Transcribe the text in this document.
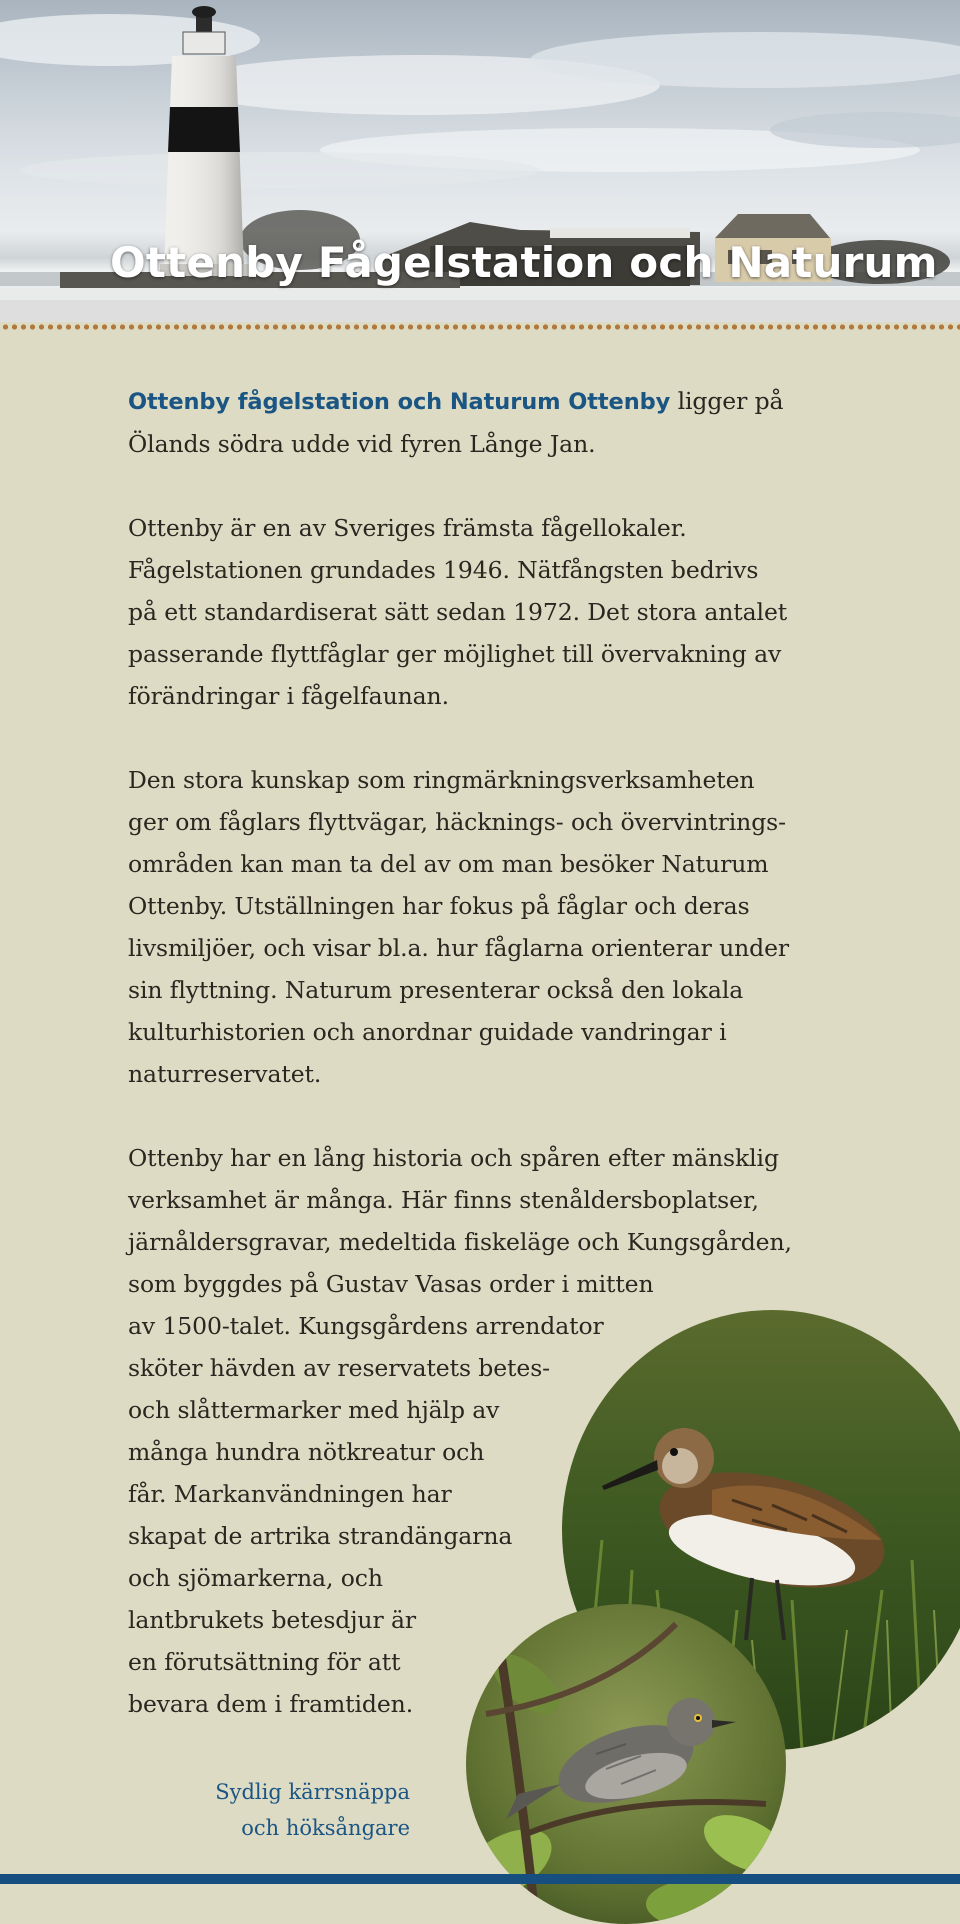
Ottenby Fågelstation och Naturum

Ottenby fågelstation och Naturum Ottenby ligger på
Ölands södra udde vid fyren Långe Jan.

Ottenby är en av Sveriges främsta fågellokaler.
Fågelstationen grundades 1946. Nätfångsten bedrivs
på ett standardiserat sätt sedan 1972. Det stora antalet
passerande flyttfåglar ger möjlighet till övervakning av
förändringar i fågelfaunan.

Den stora kunskap som ringmärkningsverksamheten
ger om fåglars flyttvägar, häcknings- och övervintrings-
områden kan man ta del av om man besöker Naturum
Ottenby. Utställningen har fokus på fåglar och deras
livsmiljöer, och visar bl.a. hur fåglarna orienterar under
sin flyttning. Naturum presenterar också den lokala
kulturhistorien och anordnar guidade vandringar i
naturreservatet.

Ottenby har en lång historia och spåren efter mänsklig
verksamhet är många. Här finns stenåldersboplatser,
järnåldersgravar, medeltida fiskeläge och Kungsgården,
som byggdes på Gustav Vasas order i mitten
av 1500-talet. Kungsgårdens arrendator
sköter hävden av reservatets betes-
och slåttermarker med hjälp av
många hundra nötkreatur och
får. Markanvändningen har
skapat de artrika strandängarna
och sjömarkerna, och
lantbrukets betesdjur är
en förutsättning för att
bevara dem i framtiden.

Sydlig kärrsnäppa
och höksångare
